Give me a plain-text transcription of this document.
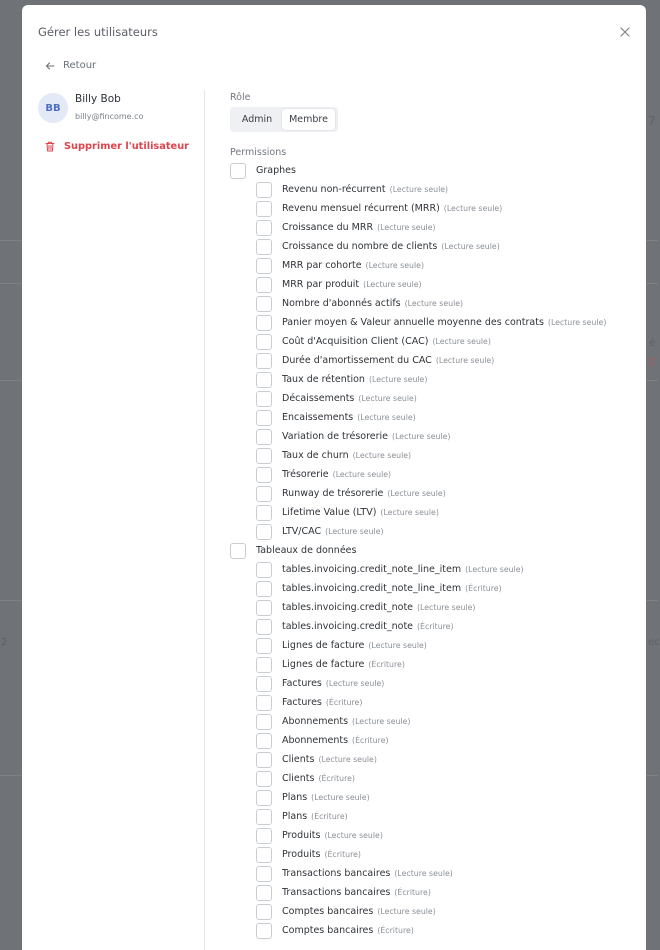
7
é
2
2	ec
Gérer les utilisateurs
Retour
BB
Billy Bob
billy@fincome.co
Supprimer l'utilisateur
Rôle
Admin	Membre
Permissions
Graphes
Revenu non-récurrent (Lecture seule)
Revenu mensuel récurrent (MRR) (Lecture seule)
Croissance du MRR (Lecture seule)
Croissance du nombre de clients (Lecture seule)
MRR par cohorte (Lecture seule)
MRR par produit (Lecture seule)
Nombre d'abonnés actifs (Lecture seule)
Panier moyen & Valeur annuelle moyenne des contrats (Lecture seule)
Coût d'Acquisition Client (CAC) (Lecture seule)
Durée d'amortissement du CAC (Lecture seule)
Taux de rétention (Lecture seule)
Décaissements (Lecture seule)
Encaissements (Lecture seule)
Variation de trésorerie (Lecture seule)
Taux de churn (Lecture seule)
Trésorerie (Lecture seule)
Runway de trésorerie (Lecture seule)
Lifetime Value (LTV) (Lecture seule)
LTV/CAC (Lecture seule)
Tableaux de données
tables.invoicing.credit_note_line_item (Lecture seule)
tables.invoicing.credit_note_line_item (Écriture)
tables.invoicing.credit_note (Lecture seule)
tables.invoicing.credit_note (Écriture)
Lignes de facture (Lecture seule)
Lignes de facture (Écriture)
Factures (Lecture seule)
Factures (Écriture)
Abonnements (Lecture seule)
Abonnements (Écriture)
Clients (Lecture seule)
Clients (Écriture)
Plans (Lecture seule)
Plans (Écriture)
Produits (Lecture seule)
Produits (Écriture)
Transactions bancaires (Lecture seule)
Transactions bancaires (Écriture)
Comptes bancaires (Lecture seule)
Comptes bancaires (Écriture)
